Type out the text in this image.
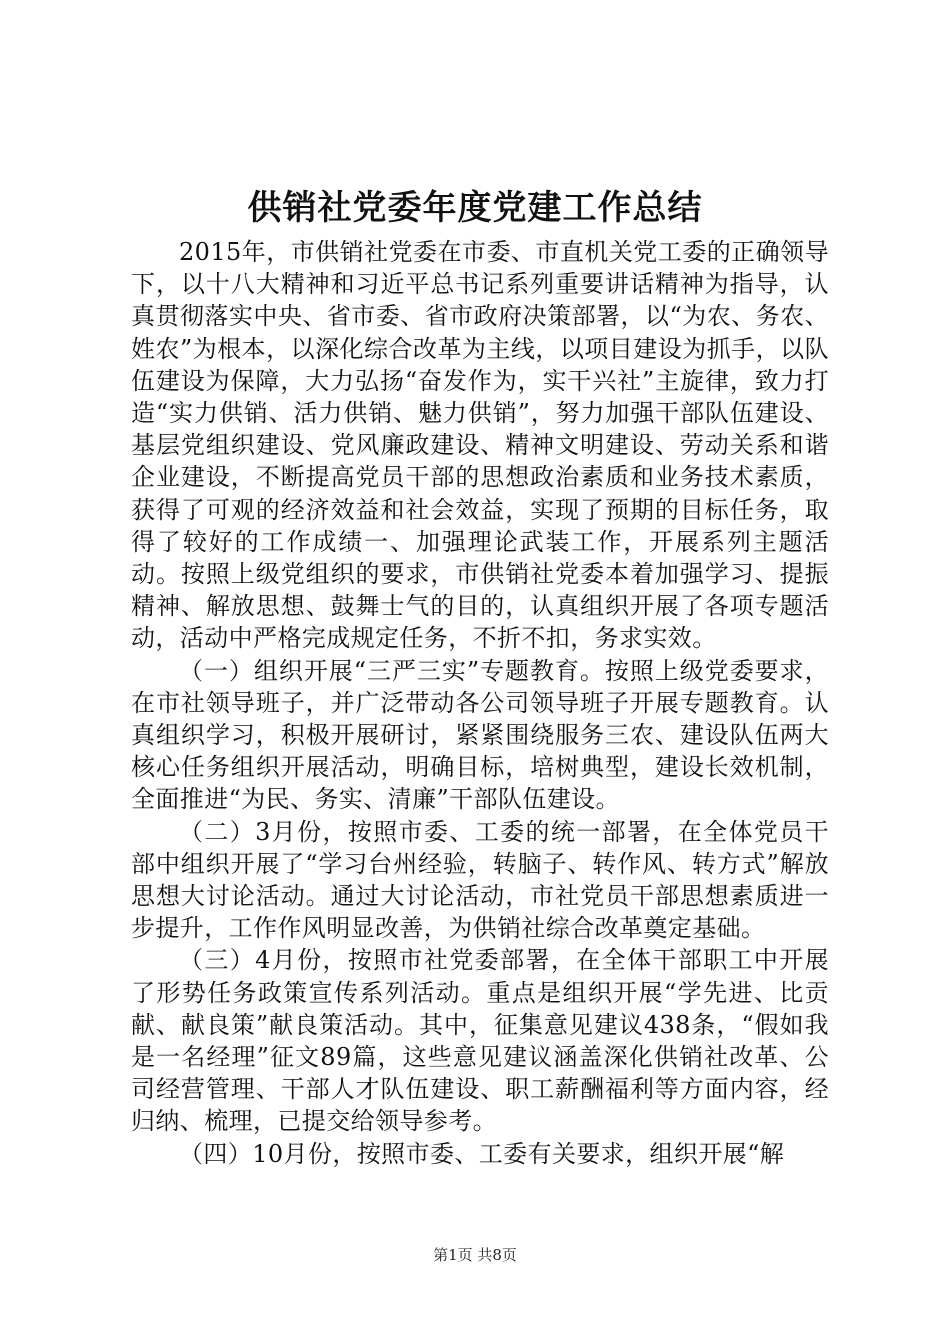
供销社党委年度党建工作总结

2015年，市供销社党委在市委、市直机关党工委的正确领导下，以十八大精神和习近平总书记系列重要讲话精神为指导，认真贯彻落实中央、省市委、省市政府决策部署，以“为农、务农、姓农”为根本，以深化综合改革为主线，以项目建设为抓手，以队伍建设为保障，大力弘扬“奋发作为，实干兴社”主旋律，致力打造“实力供销、活力供销、魅力供销”，努力加强干部队伍建设、基层党组织建设、党风廉政建设、精神文明建设、劳动关系和谐企业建设，不断提高党员干部的思想政治素质和业务技术素质，获得了可观的经济效益和社会效益，实现了预期的目标任务，取得了较好的工作成绩一、加强理论武装工作，开展系列主题活动。按照上级党组织的要求，市供销社党委本着加强学习、提振精神、解放思想、鼓舞士气的目的，认真组织开展了各项专题活动，活动中严格完成规定任务，不折不扣，务求实效。

（一）组织开展“三严三实”专题教育。按照上级党委要求，在市社领导班子，并广泛带动各公司领导班子开展专题教育。认真组织学习，积极开展研讨，紧紧围绕服务三农、建设队伍两大核心任务组织开展活动，明确目标，培树典型，建设长效机制，全面推进“为民、务实、清廉”干部队伍建设。

（二）3月份，按照市委、工委的统一部署，在全体党员干部中组织开展了“学习台州经验，转脑子、转作风、转方式”解放思想大讨论活动。通过大讨论活动，市社党员干部思想素质进一步提升，工作作风明显改善，为供销社综合改革奠定基础。

（三）4月份，按照市社党委部署，在全体干部职工中开展了形势任务政策宣传系列活动。重点是组织开展“学先进、比贡献、献良策”献良策活动。其中，征集意见建议438条，“假如我是一名经理”征文89篇，这些意见建议涵盖深化供销社改革、公司经营管理、干部人才队伍建设、职工薪酬福利等方面内容，经归纳、梳理，已提交给领导参考。

（四）10月份，按照市委、工委有关要求，组织开展“解

第1页 共8页
